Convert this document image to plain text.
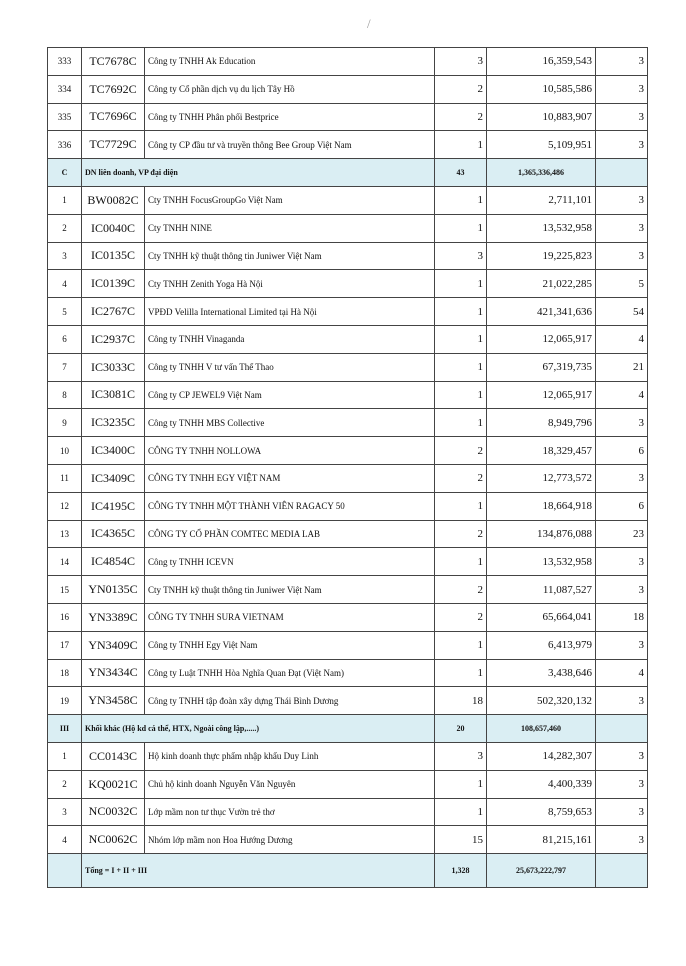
/
333	TC7678C	Công ty TNHH Ak Education	3	16,359,543	3
334	TC7692C	Công ty Cổ phần dịch vụ du lịch Tây Hồ	2	10,585,586	3
335	TC7696C	Công ty TNHH Phân phối Bestprice	2	10,883,907	3
336	TC7729C	Công ty CP đầu tư và truyền thông Bee Group Việt Nam	1	5,109,951	3
C	DN liên doanh, VP đại diện		43	1,365,336,486	
1	BW0082C	Cty TNHH FocusGroupGo Việt Nam	1	2,711,101	3
2	IC0040C	Cty TNHH NINE	1	13,532,958	3
3	IC0135C	Cty TNHH kỹ thuật thông tin Juniwer Việt Nam	3	19,225,823	3
4	IC0139C	Cty TNHH Zenith Yoga Hà Nội	1	21,022,285	5
5	IC2767C	VPĐD Velilla International Limited tại Hà Nội	1	421,341,636	54
6	IC2937C	Công ty TNHH Vinaganda	1	12,065,917	4
7	IC3033C	Công ty TNHH V tư vấn Thể Thao	1	67,319,735	21
8	IC3081C	Công ty CP JEWEL9 Việt Nam	1	12,065,917	4
9	IC3235C	Công ty TNHH MBS Collective	1	8,949,796	3
10	IC3400C	CÔNG TY TNHH NOLLOWA	2	18,329,457	6
11	IC3409C	CÔNG TY TNHH EGY VIỆT NAM	2	12,773,572	3
12	IC4195C	CÔNG TY TNHH MỘT THÀNH VIÊN RAGACY 50	1	18,664,918	6
13	IC4365C	CÔNG TY CỔ PHẦN COMTEC MEDIA LAB	2	134,876,088	23
14	IC4854C	Công ty TNHH ICEVN	1	13,532,958	3
15	YN0135C	Cty TNHH kỹ thuật thông tin Juniwer Việt Nam	2	11,087,527	3
16	YN3389C	CÔNG TY TNHH SURA VIETNAM	2	65,664,041	18
17	YN3409C	Công ty TNHH Egy Việt Nam	1	6,413,979	3
18	YN3434C	Công ty Luật TNHH Hòa Nghĩa Quan Đạt (Việt Nam)	1	3,438,646	4
19	YN3458C	Công ty TNHH tập đoàn xây dựng Thái Bình Dương	18	502,320,132	3
III	Khối khác (Hộ kd cá thể, HTX, Ngoài công lập,.....)		20	108,657,460	
1	CC0143C	Hộ kinh doanh thực phẩm nhập khẩu Duy Linh	3	14,282,307	3
2	KQ0021C	Chủ hộ kinh doanh Nguyễn Văn Nguyên	1	4,400,339	3
3	NC0032C	Lớp mầm non tư thục Vườn trẻ thơ	1	8,759,653	3
4	NC0062C	Nhóm lớp mầm non Hoa Hướng Dương	15	81,215,161	3
	Tổng = I + II + III		1,328	25,673,222,797	
